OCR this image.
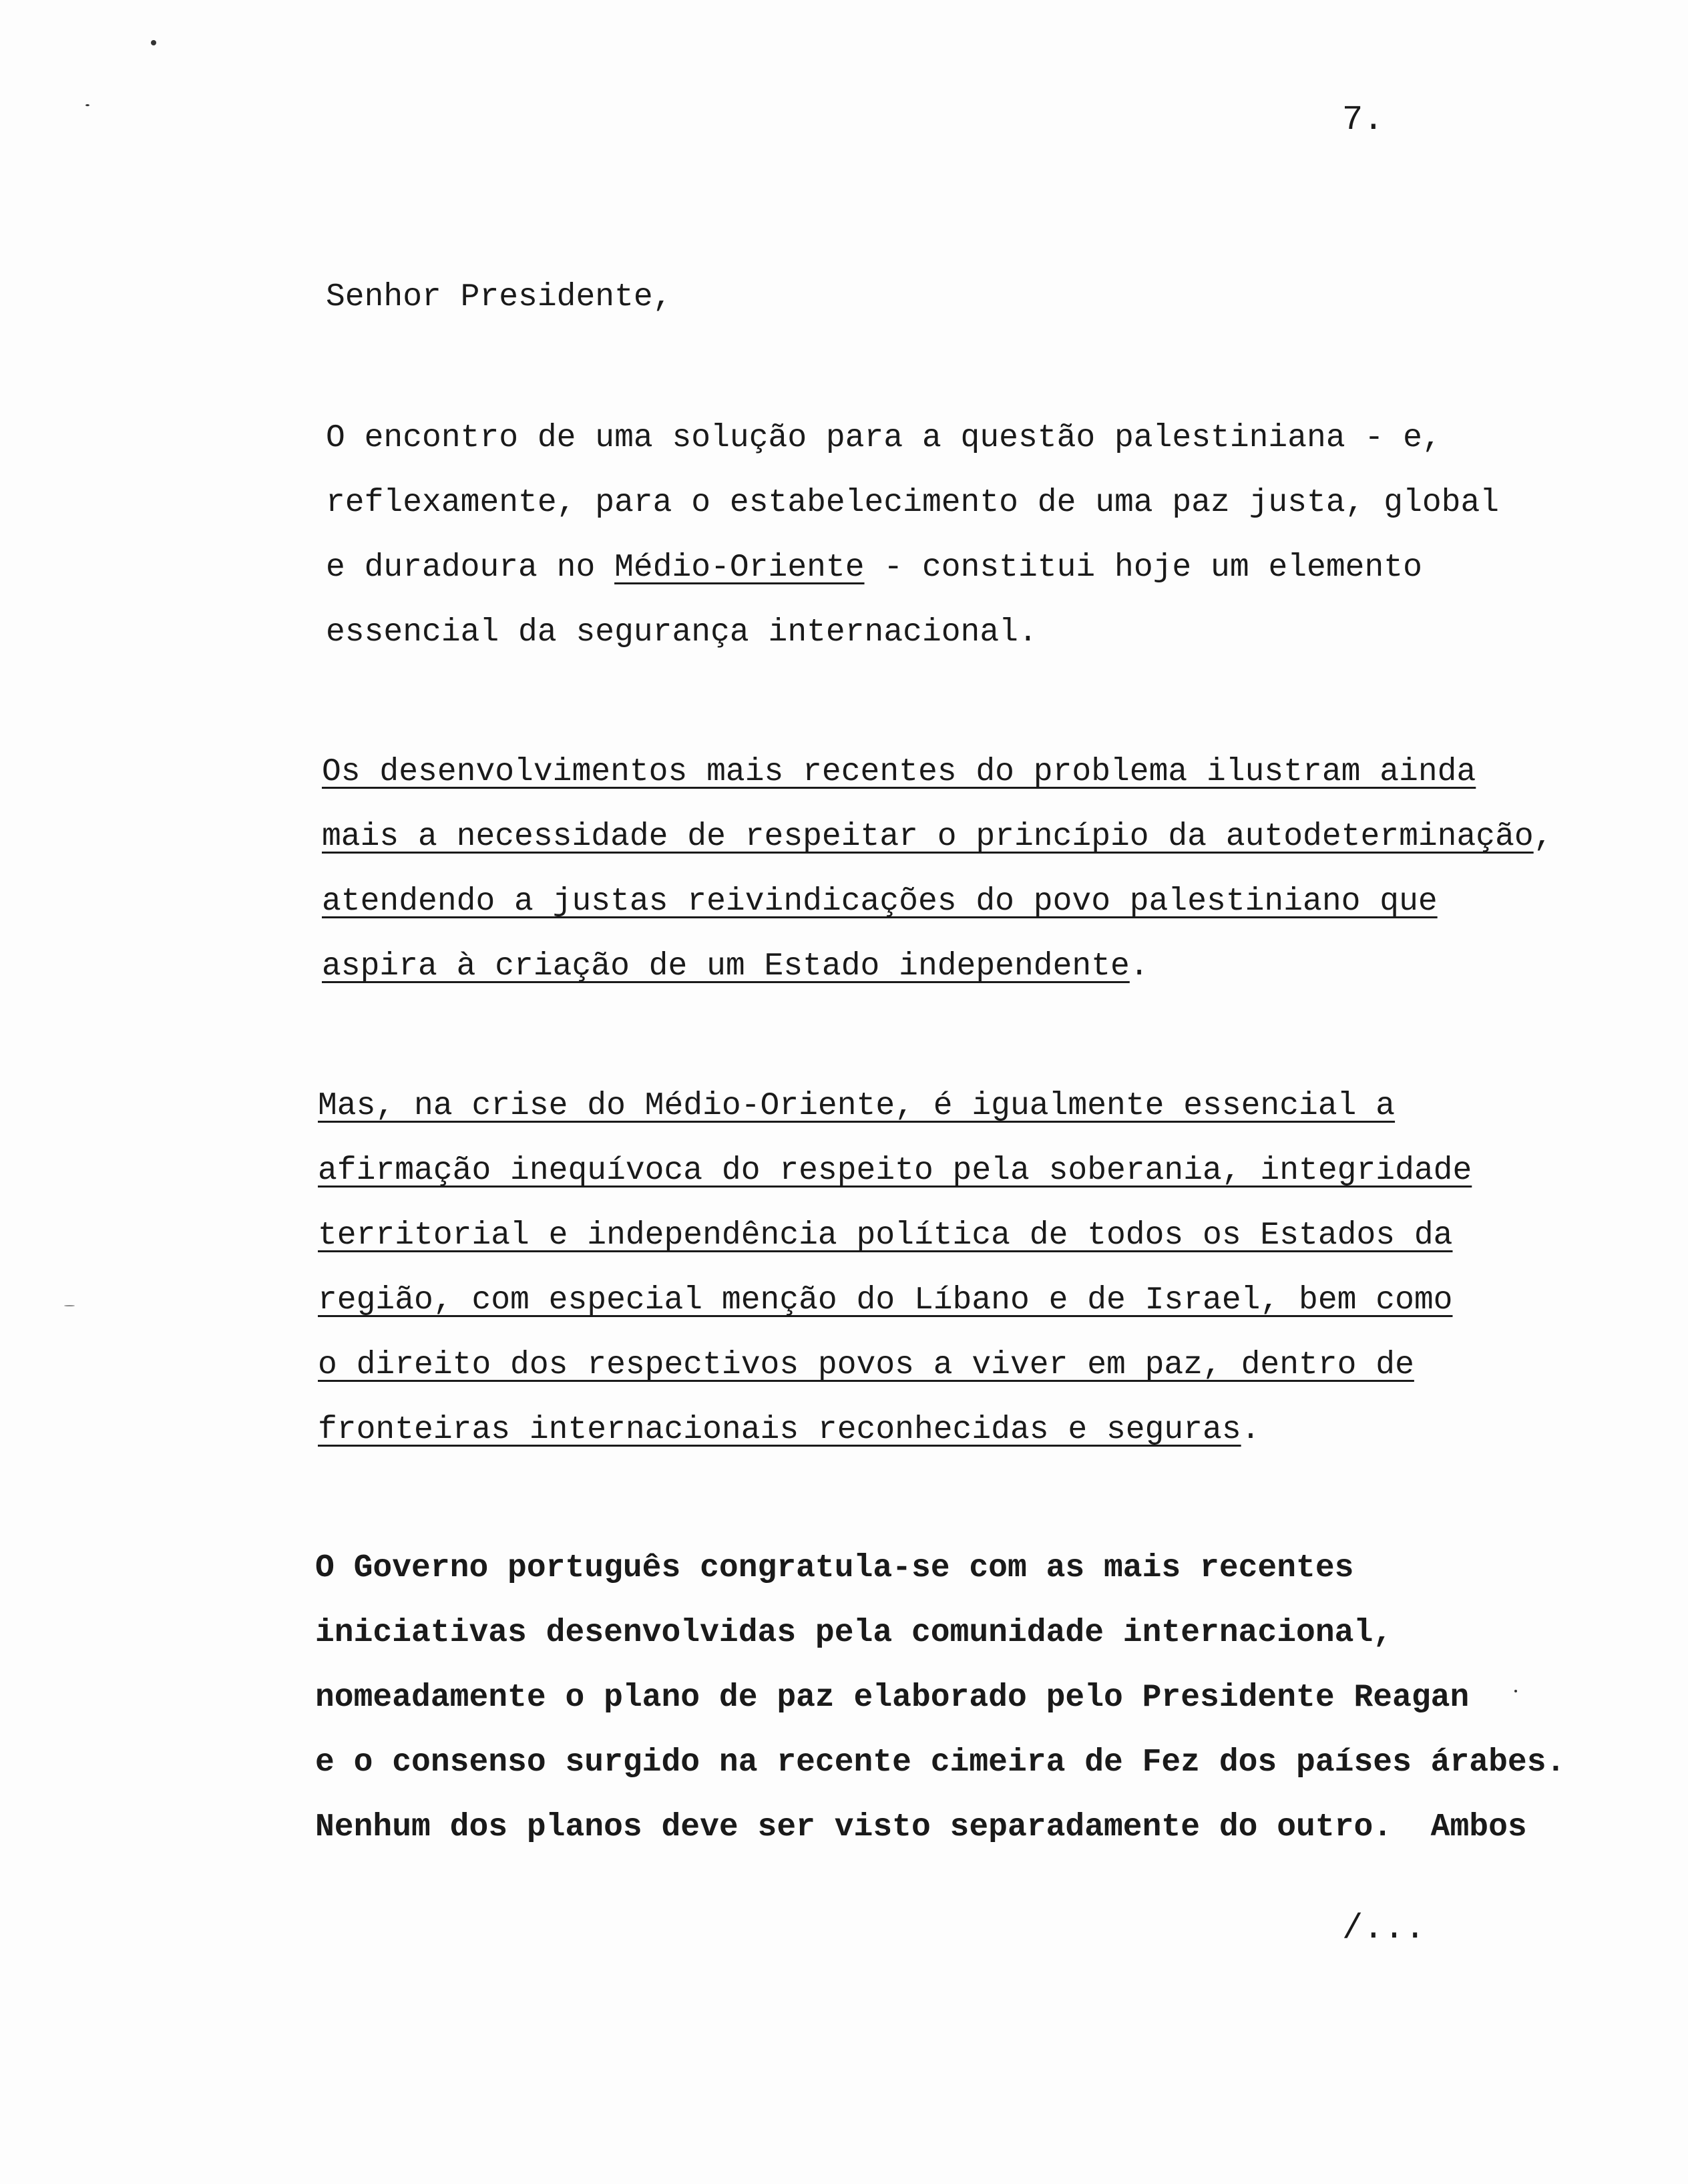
7.
Senhor Presidente,
O encontro de uma solução para a questão palestiniana - e,
reflexamente, para o estabelecimento de uma paz justa, global
e duradoura no Médio-Oriente - constitui hoje um elemento
essencial da segurança internacional.
Os desenvolvimentos mais recentes do problema ilustram ainda
mais a necessidade de respeitar o princípio da autodeterminação,
atendendo a justas reivindicações do povo palestiniano que
aspira à criação de um Estado independente.
Mas, na crise do Médio-Oriente, é igualmente essencial a
afirmação inequívoca do respeito pela soberania, integridade
territorial e independência política de todos os Estados da
região, com especial menção do Líbano e de Israel, bem como
o direito dos respectivos povos a viver em paz, dentro de
fronteiras internacionais reconhecidas e seguras.
O Governo português congratula-se com as mais recentes
iniciativas desenvolvidas pela comunidade internacional,
nomeadamente o plano de paz elaborado pelo Presidente Reagan
e o consenso surgido na recente cimeira de Fez dos países árabes.
Nenhum dos planos deve ser visto separadamente do outro.  Ambos
/...
